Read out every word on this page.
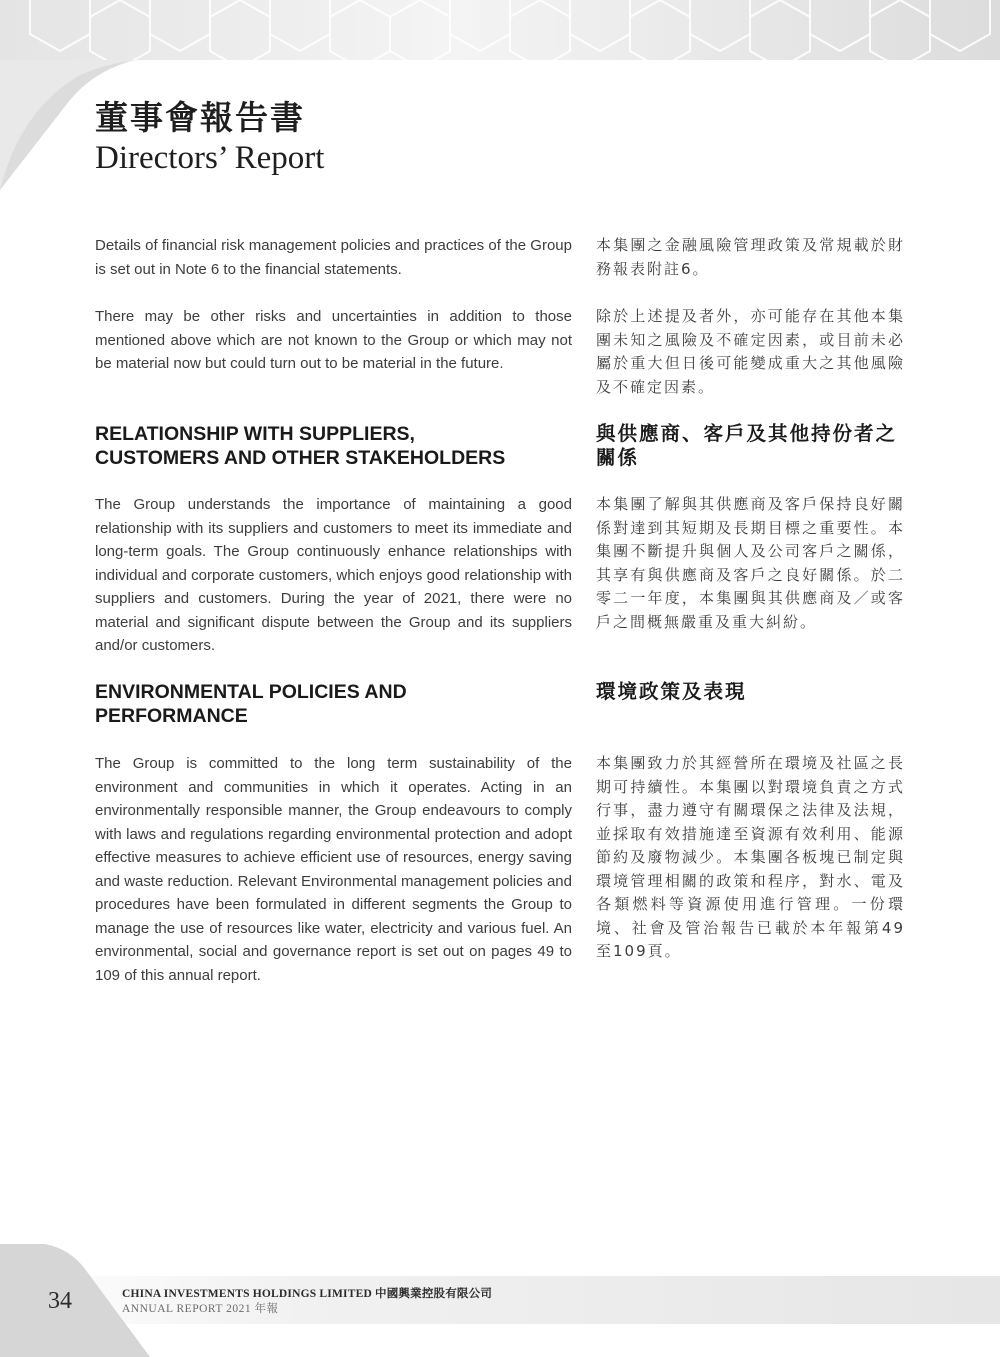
董事會報告書
Directors’ Report

Details of financial risk management policies and practices of the Group is set out in Note 6 to the financial statements.

本集團之金融風險管理政策及常規載於財務報表附註6。

There may be other risks and uncertainties in addition to those mentioned above which are not known to the Group or which may not be material now but could turn out to be material in the future.

除於上述提及者外，亦可能存在其他本集團未知之風險及不確定因素，或目前未必屬於重大但日後可能變成重大之其他風險及不確定因素。

RELATIONSHIP WITH SUPPLIERS,

CUSTOMERS AND OTHER STAKEHOLDERS

與供應商、客戶及其他持份者之

關係

The Group understands the importance of maintaining a good relationship with its suppliers and customers to meet its immediate and long-term goals. The Group continuously enhance relationships with individual and corporate customers, which enjoys good relationship with suppliers and customers. During the year of 2021, there were no material and significant dispute between the Group and its suppliers and/or customers.

本集團了解與其供應商及客戶保持良好關係對達到其短期及長期目標之重要性。本集團不斷提升與個人及公司客戶之關係，其享有與供應商及客戶之良好關係。於二零二一年度，本集團與其供應商及／或客戶之間概無嚴重及重大糾紛。

ENVIRONMENTAL POLICIES AND

PERFORMANCE

環境政策及表現

The Group is committed to the long term sustainability of the environment and communities in which it operates. Acting in an environmentally responsible manner, the Group endeavours to comply with laws and regulations regarding environmental protection and adopt effective measures to achieve efficient use of resources, energy saving and waste reduction. Relevant Environmental management policies and procedures have been formulated in different segments the Group to manage the use of resources like water, electricity and various fuel. An environmental, social and governance report is set out on pages 49 to 109 of this annual report.

本集團致力於其經營所在環境及社區之長期可持續性。本集團以對環境負責之方式行事，盡力遵守有關環保之法律及法規，並採取有效措施達至資源有效利用、能源節約及廢物減少。本集團各板塊已制定與環境管理相關的政策和程序，對水、電及各類燃料等資源使用進行管理。一份環境、社會及管治報告已載於本年報第49至109頁。

34	CHINA INVESTMENTS HOLDINGS LIMITED 中國興業控股有限公司
ANNUAL REPORT 2021 年報
